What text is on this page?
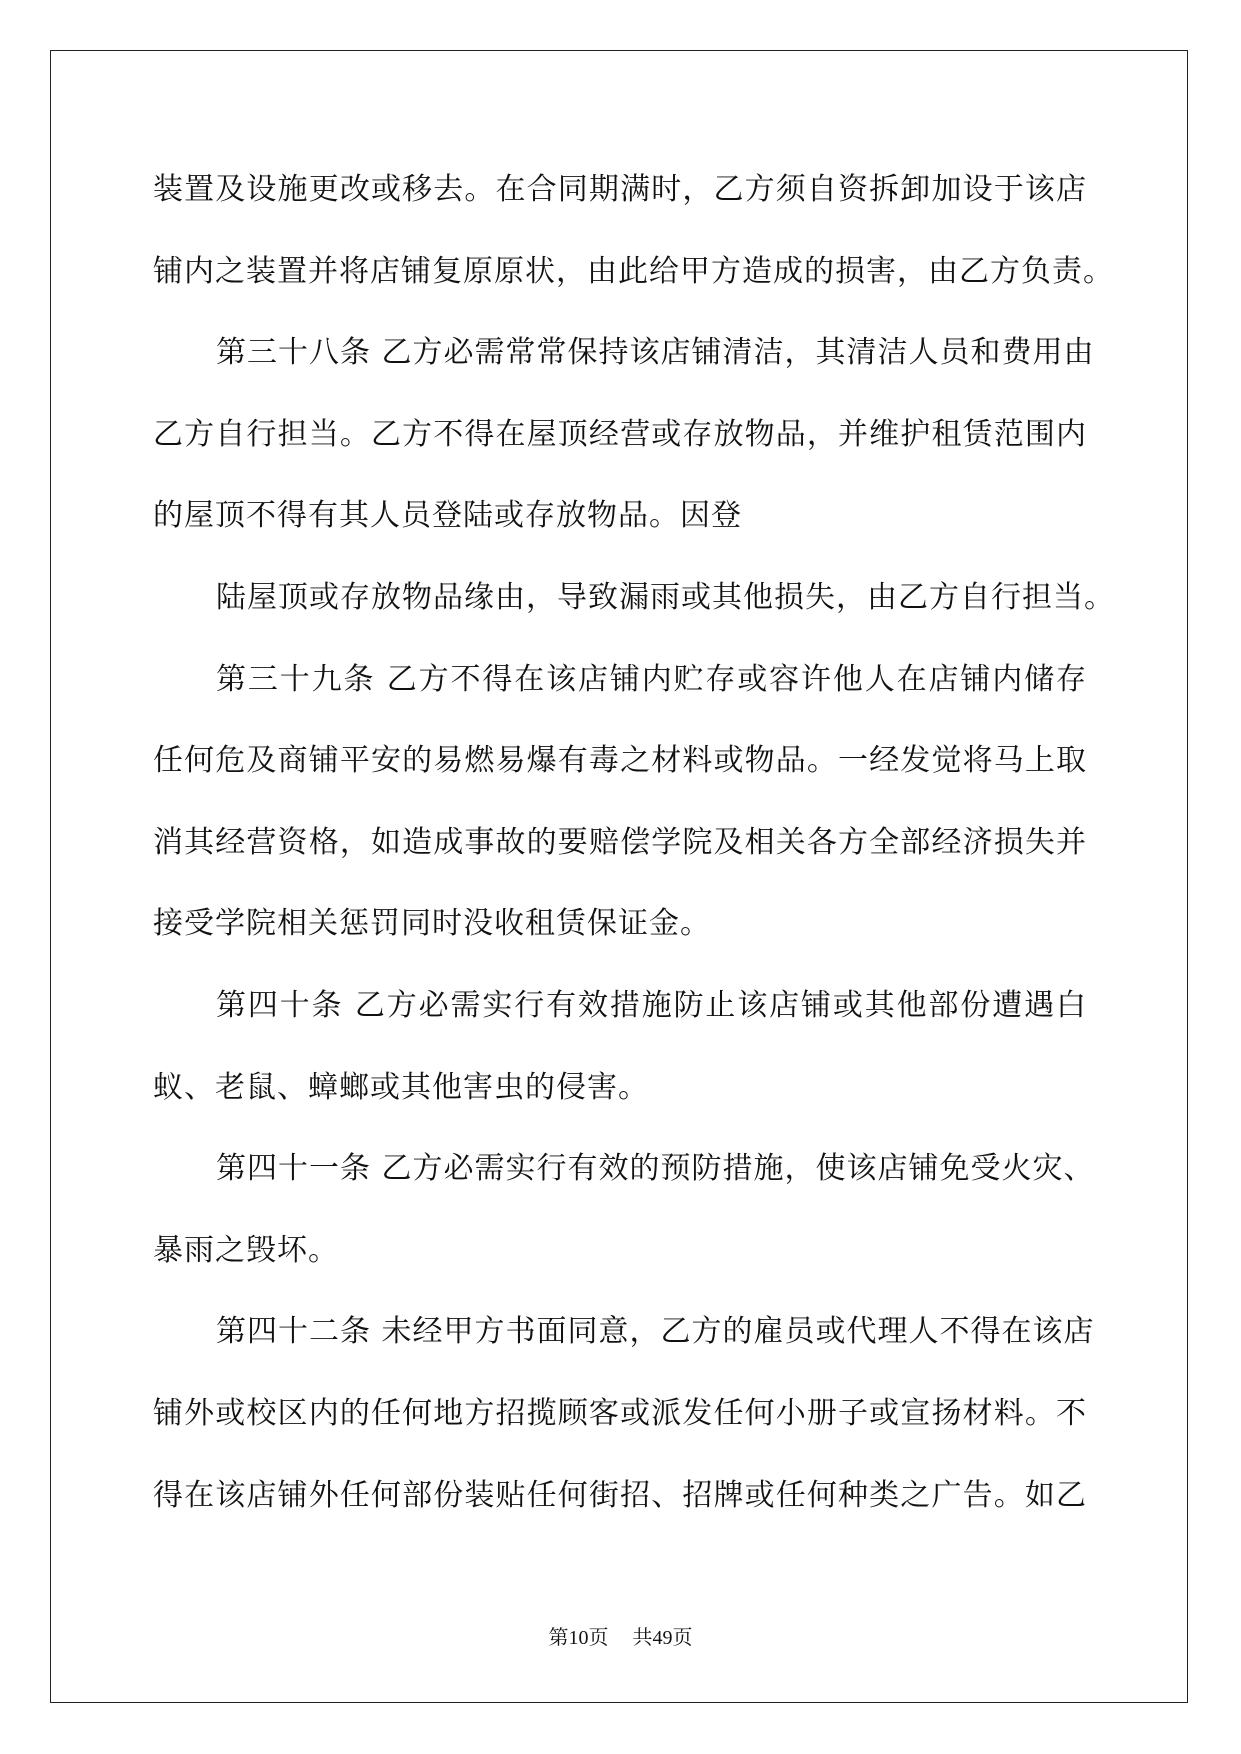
装置及设施更改或移去。在合同期满时，乙方须自资拆卸加设于该店
铺内之装置并将店铺复原原状，由此给甲方造成的损害，由乙方负责。
第三十八条 乙方必需常常保持该店铺清洁，其清洁人员和费用由
乙方自行担当。乙方不得在屋顶经营或存放物品，并维护租赁范围内
的屋顶不得有其人员登陆或存放物品。因登
陆屋顶或存放物品缘由，导致漏雨或其他损失，由乙方自行担当。
第三十九条 乙方不得在该店铺内贮存或容许他人在店铺内储存
任何危及商铺平安的易燃易爆有毒之材料或物品。一经发觉将马上取
消其经营资格，如造成事故的要赔偿学院及相关各方全部经济损失并
接受学院相关惩罚同时没收租赁保证金。
第四十条 乙方必需实行有效措施防止该店铺或其他部份遭遇白
蚁、老鼠、蟑螂或其他害虫的侵害。
第四十一条 乙方必需实行有效的预防措施，使该店铺免受火灾、
暴雨之毁坏。
第四十二条 未经甲方书面同意，乙方的雇员或代理人不得在该店
铺外或校区内的任何地方招揽顾客或派发任何小册子或宣扬材料。不
得在该店铺外任何部份装贴任何街招、招牌或任何种类之广告。如乙
第10页 共49页
